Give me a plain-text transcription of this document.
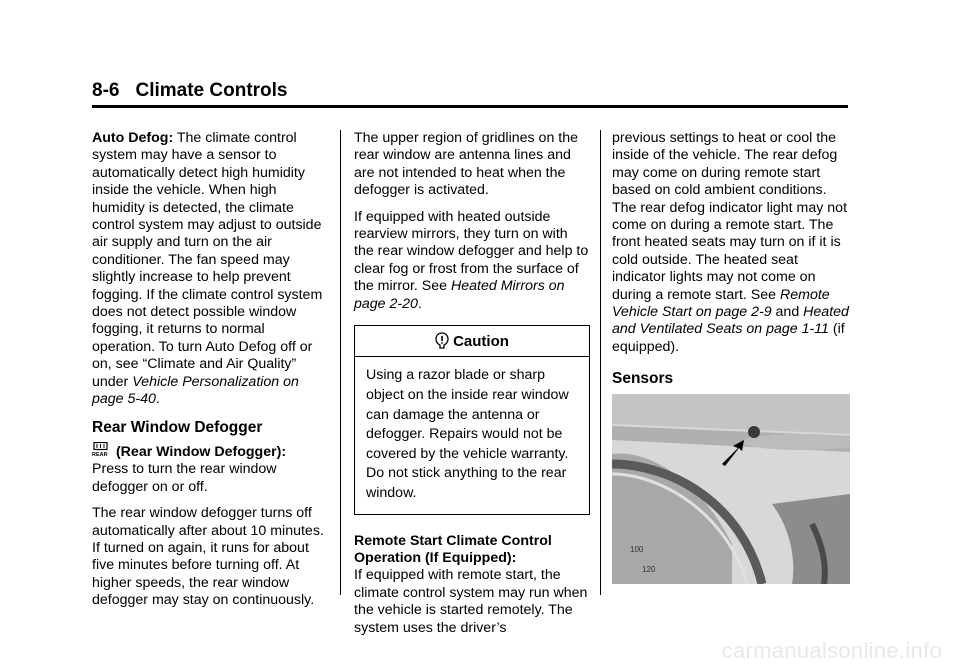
8-6 Climate Controls

Auto Defog: The climate control system may have a sensor to automatically detect high humidity inside the vehicle. When high humidity is detected, the climate control system may adjust to outside air supply and turn on the air conditioner. The fan speed may slightly increase to help prevent fogging. If the climate control system does not detect possible window fogging, it returns to normal operation. To turn Auto Defog off or on, see “Climate and Air Quality” under Vehicle Personalization on page 5-40.

Rear Window Defogger
REAR (Rear Window Defogger):
Press to turn the rear window defogger on or off.

The rear window defogger turns off automatically after about 10 minutes. If turned on again, it runs for about five minutes before turning off. At higher speeds, the rear window defogger may stay on continuously.

The upper region of gridlines on the rear window are antenna lines and are not intended to heat when the defogger is activated.

If equipped with heated outside rearview mirrors, they turn on with the rear window defogger and help to clear fog or frost from the surface of the mirror. See Heated Mirrors on page 2-20.

Caution
Using a razor blade or sharp object on the inside rear window can damage the antenna or defogger. Repairs would not be covered by the vehicle warranty. Do not stick anything to the rear window.
Remote Start Climate Control Operation (If Equipped):
If equipped with remote start, the climate control system may run when the vehicle is started remotely. The system uses the driver’s

previous settings to heat or cool the inside of the vehicle. The rear defog may come on during remote start based on cold ambient conditions. The rear defog indicator light may not come on during a remote start. The front heated seats may turn on if it is cold outside. The heated seat indicator lights may not come on during a remote start. See Remote Vehicle Start on page 2-9 and Heated and Ventilated Seats on page 1-11 (if equipped).

Sensors
100
120
carmanualsonline.info
